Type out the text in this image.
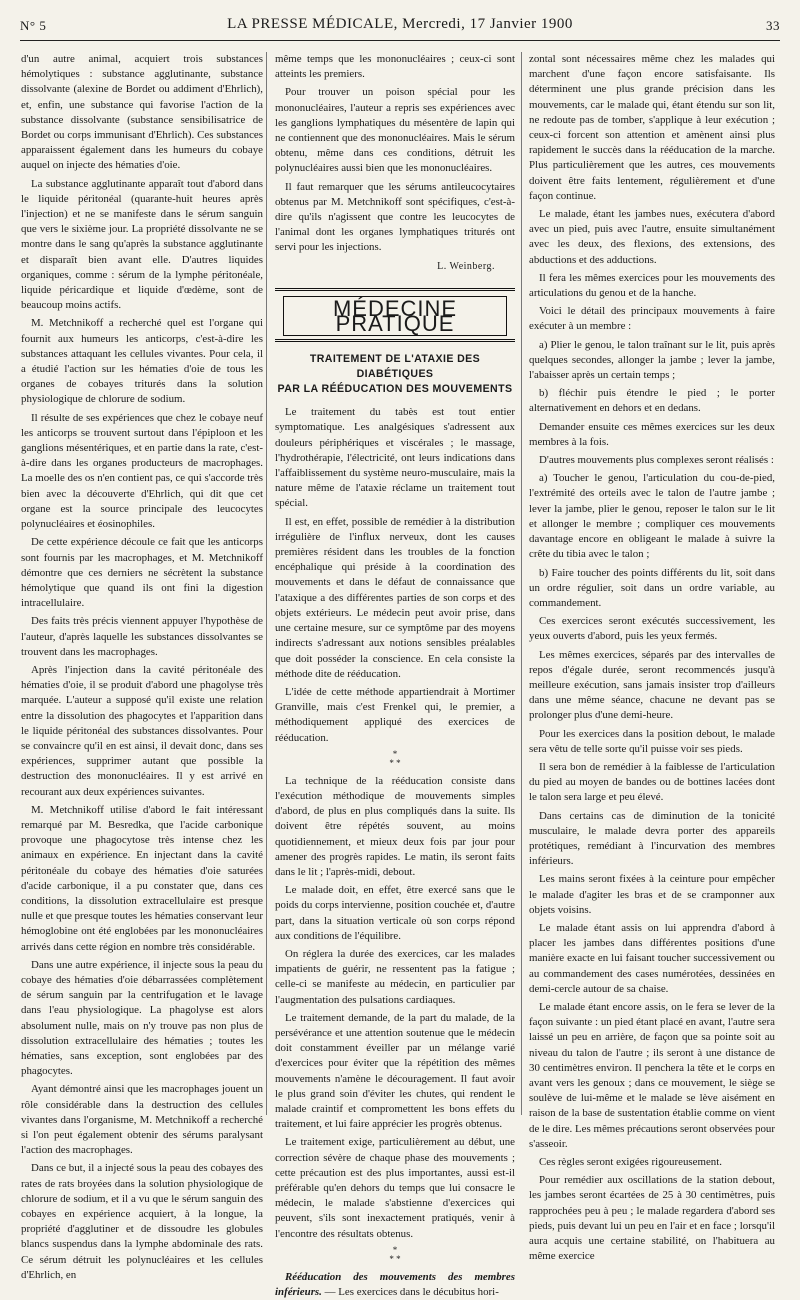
N° 5	LA PRESSE MÉDICALE, Mercredi, 17 Janvier 1900	33

d'un autre animal, acquiert trois substances hémolytiques : substance agglutinante, substance dissolvante (alexine de Bordet ou addiment d'Ehrlich), et, enfin, une substance qui favorise l'action de la substance dissolvante (substance sensibilisatrice de Bordet ou corps immunisant d'Ehrlich). Ces substances apparaissent également dans les humeurs du cobaye auquel on injecte des hématies d'oie.

La substance agglutinante apparaît tout d'abord dans le liquide péritonéal (quarante-huit heures après l'injection) et ne se manifeste dans le sérum sanguin que vers le sixième jour. La propriété dissolvante ne se montre dans le sang qu'après la substance agglutinante et disparaît bien avant elle. D'autres liquides organiques, comme : sérum de la lymphe péritonéale, liquide péricardique et liquide d'œdème, sont de beaucoup moins actifs.

M. Metchnikoff a recherché quel est l'organe qui fournit aux humeurs les anticorps, c'est-à-dire les substances attaquant les cellules vivantes. Pour cela, il a étudié l'action sur les hématies d'oie de tous les organes de cobayes triturés dans la solution physiologique de chlorure de sodium.

Il résulte de ses expériences que chez le cobaye neuf les anticorps se trouvent surtout dans l'épiploon et les ganglions mésentériques, et en partie dans la rate, c'est-à-dire dans les organes producteurs de macrophages. La moelle des os n'en contient pas, ce qui s'accorde très bien avec la découverte d'Ehrlich, qui dit que cet organe est la source principale des leucocytes polynucléaires et éosinophiles.

De cette expérience découle ce fait que les anticorps sont fournis par les macrophages, et M. Metchnikoff démontre que ces derniers ne sécrètent la substance hémolytique que quand ils ont fini la digestion intracellulaire.

Des faits très précis viennent appuyer l'hypothèse de l'auteur, d'après laquelle les substances dissolvantes se trouvent dans les macrophages.

Après l'injection dans la cavité péritonéale des hématies d'oie, il se produit d'abord une phagolyse très marquée. L'auteur a supposé qu'il existe une relation entre la dissolution des phagocytes et l'apparition dans le liquide péritonéal des substances dissolvantes. Pour se convaincre qu'il en est ainsi, il devait donc, dans ses expériences, supprimer autant que possible la destruction des mononucléaires. Il y est arrivé en recourant aux deux expériences suivantes.

M. Metchnikoff utilise d'abord le fait intéressant remarqué par M. Besredka, que l'acide carbonique provoque une phagocytose très intense chez les animaux en expérience. En injectant dans la cavité péritonéale du cobaye des hématies d'oie saturées d'acide carbonique, il a pu constater que, dans ces conditions, la dissolution extracellulaire est presque nulle et que presque toutes les hématies conservant leur hémoglobine ont été englobées par les mononucléaires arrivés dans cette région en nombre très considérable.

Dans une autre expérience, il injecte sous la peau du cobaye des hématies d'oie débarrassées complètement de sérum sanguin par la centrifugation et le lavage dans l'eau physiologique. La phagolyse est alors absolument nulle, mais on n'y trouve pas non plus de dissolution extracellulaire des hématies ; toutes les hématies, sans exception, sont englobées par des phagocytes.

Ayant démontré ainsi que les macrophages jouent un rôle considérable dans la destruction des cellules vivantes dans l'organisme, M. Metchnikoff a recherché si l'on peut également obtenir des sérums paralysant l'action des macrophages.

Dans ce but, il a injecté sous la peau des cobayes des rates de rats broyées dans la solution physiologique de chlorure de sodium, et il a vu que le sérum sanguin des cobayes en expérience acquiert, à la longue, la propriété d'agglutiner et de dissoudre les globules blancs suspendus dans la lymphe abdominale des rats. Ce sérum détruit les polynucléaires et les cellules d'Ehrlich, en

même temps que les mononucléaires ; ceux-ci sont atteints les premiers.

Pour trouver un poison spécial pour les mononucléaires, l'auteur a repris ses expériences avec les ganglions lymphatiques du mésentère de lapin qui ne contiennent que des mononucléaires. Mais le sérum obtenu, même dans ces conditions, détruit les polynucléaires aussi bien que les mononucléaires.

Il faut remarquer que les sérums antileucocytaires obtenus par M. Metchnikoff sont spécifiques, c'est-à-dire qu'ils n'agissent que contre les leucocytes de l'animal dont les organes lymphatiques triturés ont servi pour les injections.

L. Weinberg.
MÉDECINE PRATIQUE
TRAITEMENT DE L'ATAXIE DES DIABÉTIQUES
PAR LA RÉÉDUCATION DES MOUVEMENTS

Le traitement du tabès est tout entier symptomatique. Les analgésiques s'adressent aux douleurs périphériques et viscérales ; le massage, l'hydrothérapie, l'électricité, ont leurs indications dans l'affaiblissement du système neuro-musculaire, mais la nature même de l'ataxie réclame un traitement tout spécial.

Il est, en effet, possible de remédier à la distribution irrégulière de l'influx nerveux, dont les causes premières résident dans les troubles de la fonction encéphalique qui préside à la coordination des mouvements et dans le défaut de connaissance que l'ataxique a des différentes parties de son corps et des objets extérieurs. Le médecin peut avoir prise, dans une certaine mesure, sur ce symptôme par des moyens indirects s'adressant aux notions sensibles préalables que doit posséder la conscience. En cela consiste la méthode dite de rééducation.

L'idée de cette méthode appartiendrait à Mortimer Granville, mais c'est Frenkel qui, le premier, a méthodiquement appliqué des exercices de rééducation.

*
* *

La technique de la rééducation consiste dans l'exécution méthodique de mouvements simples d'abord, de plus en plus compliqués dans la suite. Ils doivent être répétés souvent, au moins quotidiennement, et mieux deux fois par jour pour amener des progrès rapides. Le matin, ils seront faits dans le lit ; l'après-midi, debout.

Le malade doit, en effet, être exercé sans que le poids du corps intervienne, position couchée et, d'autre part, dans la situation verticale où son corps répond aux conditions de l'équilibre.

On réglera la durée des exercices, car les malades impatients de guérir, ne ressentent pas la fatigue ; celle-ci se manifeste au médecin, en particulier par l'augmentation des pulsations cardiaques.

Le traitement demande, de la part du malade, de la persévérance et une attention soutenue que le médecin doit constamment éveiller par un mélange varié d'exercices pour éviter que la répétition des mêmes mouvements n'amène le découragement. Il faut avoir le plus grand soin d'éviter les chutes, qui rendent le malade craintif et compromettent les bons effets du traitement, et lui faire apprécier les progrès obtenus.

Le traitement exige, particulièrement au début, une correction sévère de chaque phase des mouvements ; cette précaution est des plus importantes, aussi est-il préférable qu'en dehors du temps que lui consacre le médecin, le malade s'abstienne d'exercices qui peuvent, s'ils sont inexactement pratiqués, venir à l'encontre des résultats obtenus.

*
* *

Rééducation des mouvements des membres inférieurs. — Les exercices dans le décubitus hori-

zontal sont nécessaires même chez les malades qui marchent d'une façon encore satisfaisante. Ils déterminent une plus grande précision dans les mouvements, car le malade qui, étant étendu sur son lit, ne redoute pas de tomber, s'applique à leur exécution ; ceux-ci forcent son attention et amènent ainsi plus rapidement le succès dans la rééducation de la marche. Plus particulièrement que les autres, ces mouvements doivent être faits lentement, régulièrement et d'une façon continue.

Le malade, étant les jambes nues, exécutera d'abord avec un pied, puis avec l'autre, ensuite simultanément avec les deux, des flexions, des extensions, des abductions et des adductions.

Il fera les mêmes exercices pour les mouvements des articulations du genou et de la hanche.

Voici le détail des principaux mouvements à faire exécuter à un membre :

a) Plier le genou, le talon traînant sur le lit, puis après quelques secondes, allonger la jambe ; lever la jambe, l'abaisser après un certain temps ;

b) fléchir puis étendre le pied ; le porter alternativement en dehors et en dedans.

Demander ensuite ces mêmes exercices sur les deux membres à la fois.

D'autres mouvements plus complexes seront réalisés :

a) Toucher le genou, l'articulation du cou-de-pied, l'extrémité des orteils avec le talon de l'autre jambe ; lever la jambe, plier le genou, reposer le talon sur le lit et allonger le membre ; compliquer ces mouvements davantage encore en obligeant le malade à suivre la crête du tibia avec le talon ;

b) Faire toucher des points différents du lit, soit dans un ordre régulier, soit dans un ordre variable, au commandement.

Ces exercices seront exécutés successivement, les yeux ouverts d'abord, puis les yeux fermés.

Les mêmes exercices, séparés par des intervalles de repos d'égale durée, seront recommencés jusqu'à meilleure exécution, sans jamais insister trop d'ailleurs dans une même séance, chacune ne devant pas se prolonger plus d'une demi-heure.

Pour les exercices dans la position debout, le malade sera vêtu de telle sorte qu'il puisse voir ses pieds.

Il sera bon de remédier à la faiblesse de l'articulation du pied au moyen de bandes ou de bottines lacées dont le talon sera large et peu élevé.

Dans certains cas de diminution de la tonicité musculaire, le malade devra porter des appareils protétiques, remédiant à l'incurvation des membres inférieurs.

Les mains seront fixées à la ceinture pour empêcher le malade d'agiter les bras et de se cramponner aux objets voisins.

Le malade étant assis on lui apprendra d'abord à placer les jambes dans différentes positions d'une manière exacte en lui faisant toucher successivement ou au commandement des cases numérotées, dessinées en demi-cercle autour de sa chaise.

Le malade étant encore assis, on le fera se lever de la façon suivante : un pied étant placé en avant, l'autre sera laissé un peu en arrière, de façon que sa pointe soit au niveau du talon de l'autre ; ils seront à une distance de 30 centimètres environ. Il penchera la tête et le corps en avant vers les genoux ; dans ce mouvement, le siège se soulève de lui-même et le malade se lève aisément en raison de la base de sustentation établie comme on vient de le dire. Les mêmes précautions seront observées pour s'asseoir.

Ces règles seront exigées rigoureusement.

Pour remédier aux oscillations de la station debout, les jambes seront écartées de 25 à 30 centimètres, puis rapprochées peu à peu ; le malade regardera d'abord ses pieds, puis devant lui un peu en l'air et en face ; lorsqu'il aura acquis une certaine stabilité, on l'habituera au même exercice
